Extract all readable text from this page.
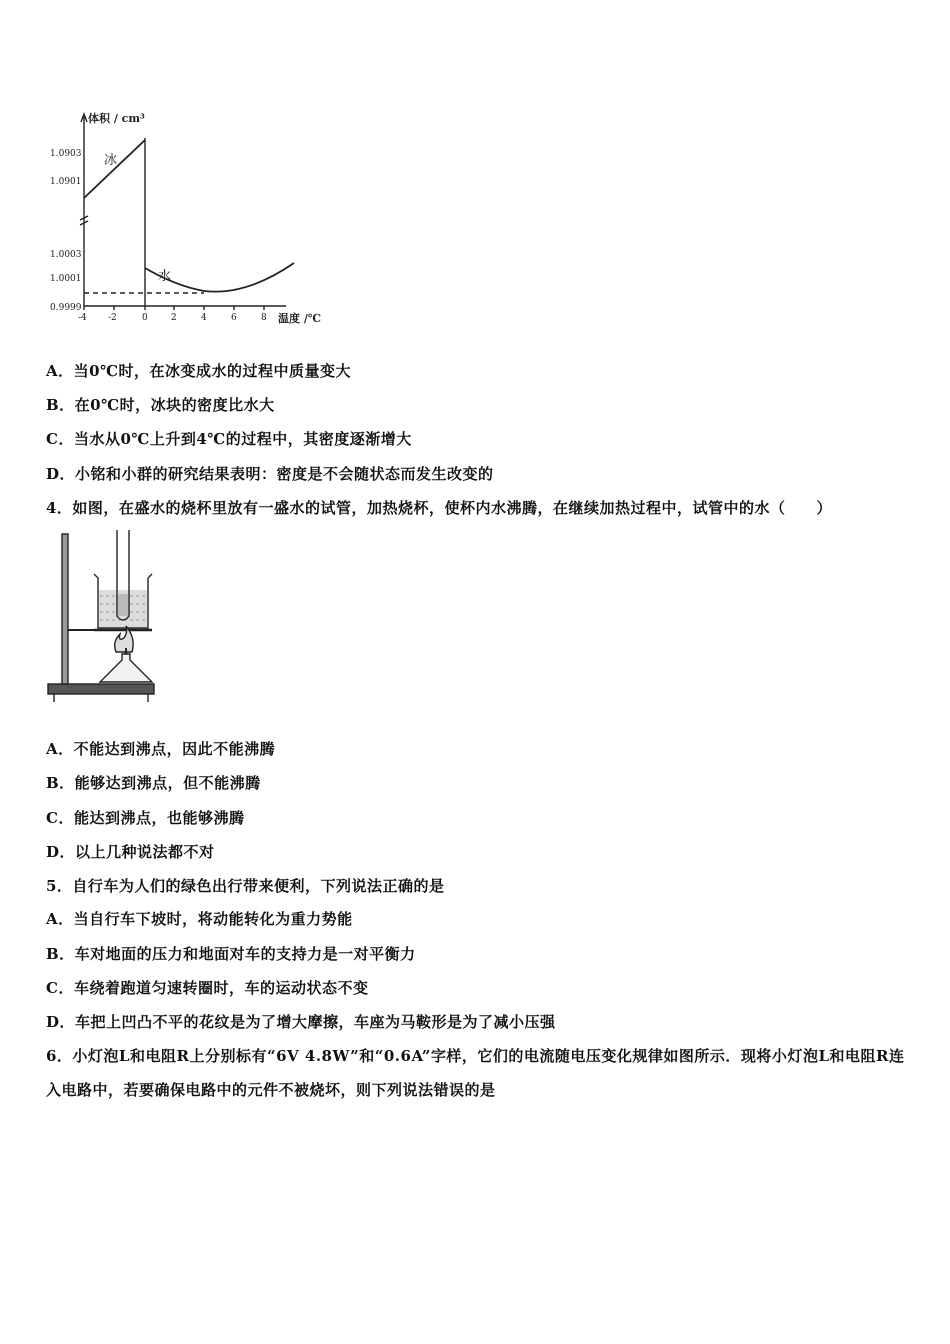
体积 / cm³
1.0903
1.0901
1.0003
1.0001
0.9999
-4 -2	0	2	4	6	8 温度 /℃
冰
水
A．当0℃时，在冰变成水的过程中质量变大
B．在0℃时，冰块的密度比水大
C．当水从0℃上升到4℃的过程中，其密度逐渐增大
D．小铭和小群的研究结果表明：密度是不会随状态而发生改变的
4．如图，在盛水的烧杯里放有一盛水的试管，加热烧杯，使杯内水沸腾，在继续加热过程中，试管中的水（　　）
A．不能达到沸点，因此不能沸腾
B．能够达到沸点，但不能沸腾
C．能达到沸点，也能够沸腾
D．以上几种说法都不对
5．自行车为人们的绿色出行带来便利，下列说法正确的是
A．当自行车下坡时，将动能转化为重力势能
B．车对地面的压力和地面对车的支持力是一对平衡力
C．车绕着跑道匀速转圈时，车的运动状态不变
D．车把上凹凸不平的花纹是为了增大摩擦，车座为马鞍形是为了减小压强
6．小灯泡L和电阻R上分别标有“6V 4.8W”和“0.6A”字样，它们的电流随电压变化规律如图所示．现将小灯泡L和电阻R连入电路中，若要确保电路中的元件不被烧坏，则下列说法错误的是
